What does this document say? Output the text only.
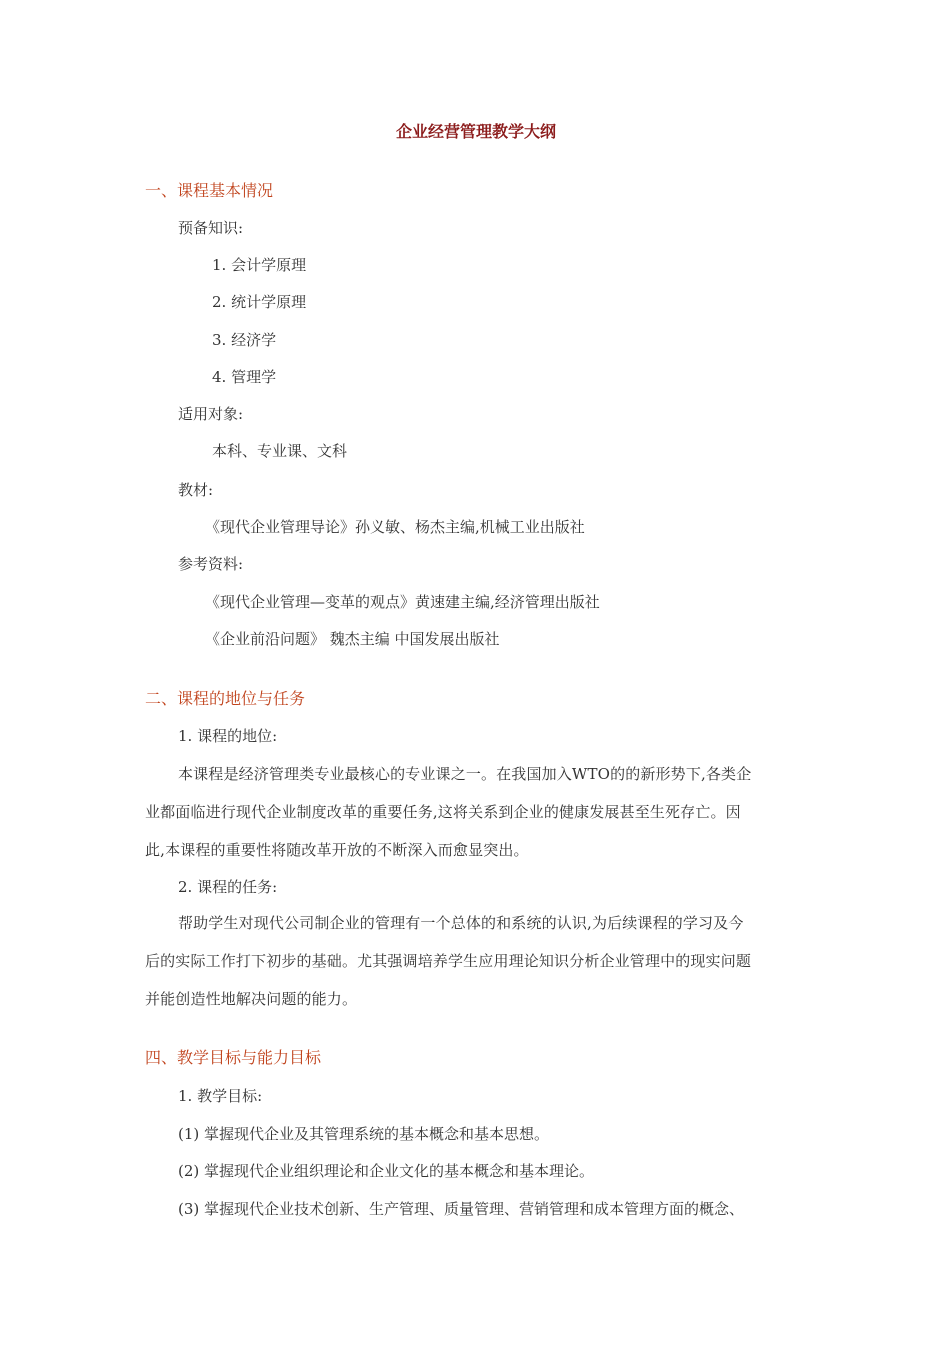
企业经营管理教学大纲
一、课程基本情况
预备知识:
1. 会计学原理
2. 统计学原理
3. 经济学
4. 管理学
适用对象:
本科、专业课、文科
教材:
《现代企业管理导论》孙义敏、杨杰主编,机械工业出版社
参考资料:
《现代企业管理—变革的观点》黄速建主编,经济管理出版社
《企业前沿问题》 魏杰主编 中国发展出版社
二、课程的地位与任务
1. 课程的地位:
本课程是经济管理类专业最核心的专业课之一。在我国加入WTO的的新形势下,各类企
业都面临进行现代企业制度改革的重要任务,这将关系到企业的健康发展甚至生死存亡。因
此,本课程的重要性将随改革开放的不断深入而愈显突出。
2. 课程的任务:
帮助学生对现代公司制企业的管理有一个总体的和系统的认识,为后续课程的学习及今
后的实际工作打下初步的基础。尤其强调培养学生应用理论知识分析企业管理中的现实问题
并能创造性地解决问题的能力。
四、教学目标与能力目标
1. 教学目标:
(1) 掌握现代企业及其管理系统的基本概念和基本思想。
(2) 掌握现代企业组织理论和企业文化的基本概念和基本理论。
(3) 掌握现代企业技术创新、生产管理、质量管理、营销管理和成本管理方面的概念、
